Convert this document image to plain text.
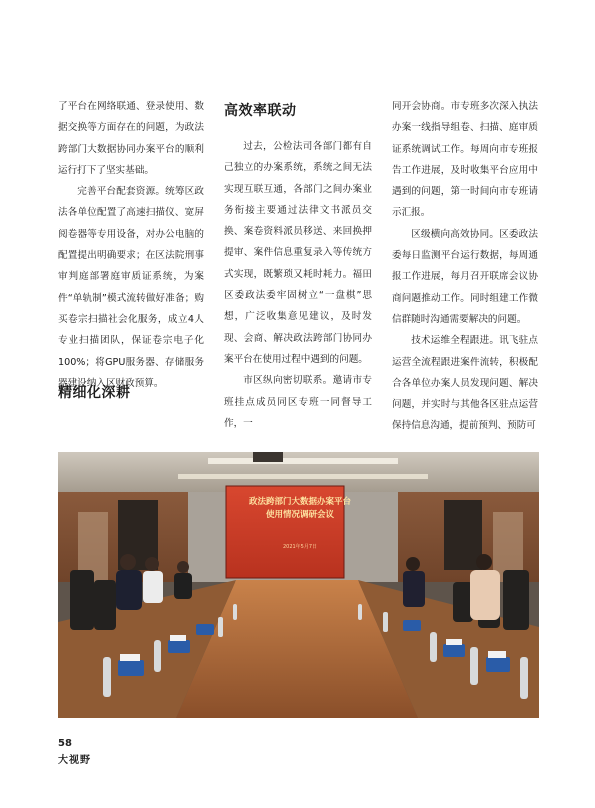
了平台在网络联通、登录使用、数据交换等方面存在的问题，为政法跨部门大数据协同办案平台的顺利运行打下了坚实基础。

完善平台配套资源。统筹区政法各单位配置了高速扫描仪、宽屏阅卷器等专用设备，对办公电脑的配置提出明确要求；在区法院刑事审判庭部署庭审质证系统，为案件“单轨制”模式流转做好准备；购买卷宗扫描社会化服务，成立4人专业扫描团队，保证卷宗电子化100%；将GPU服务器、存储服务器建设纳入区财政预算。

精细化深耕
高效率联动

过去，公检法司各部门都有自己独立的办案系统，系统之间无法实现互联互通，各部门之间办案业务衔接主要通过法律文书派员交换、案卷资料派员移送、来回换押提审、案件信息重复录入等传统方式实现，既繁琐又耗时耗力。福田区委政法委牢固树立“一盘棋”思想，广泛收集意见建议，及时发现、会商、解决政法跨部门协同办案平台在使用过程中遇到的问题。

市区纵向密切联系。邀请市专班挂点成员同区专班一同督导工作，一

同开会协商。市专班多次深入执法办案一线指导组卷、扫描、庭审质证系统调试工作。每周向市专班报告工作进展，及时收集平台应用中遇到的问题，第一时间向市专班请示汇报。

区级横向高效协同。区委政法委每日监测平台运行数据，每周通报工作进展，每月召开联席会议协商问题推动工作。同时组建工作微信群随时沟通需要解决的问题。

技术运维全程跟进。讯飞驻点运营全流程跟进案件流转，积极配合各单位办案人员发现问题、解决问题，并实时与其他各区驻点运营保持信息沟通，提前预判、预防可

政法跨部门大数据办案平台
使用情况调研会议
2021年5月7日
58
大视野
